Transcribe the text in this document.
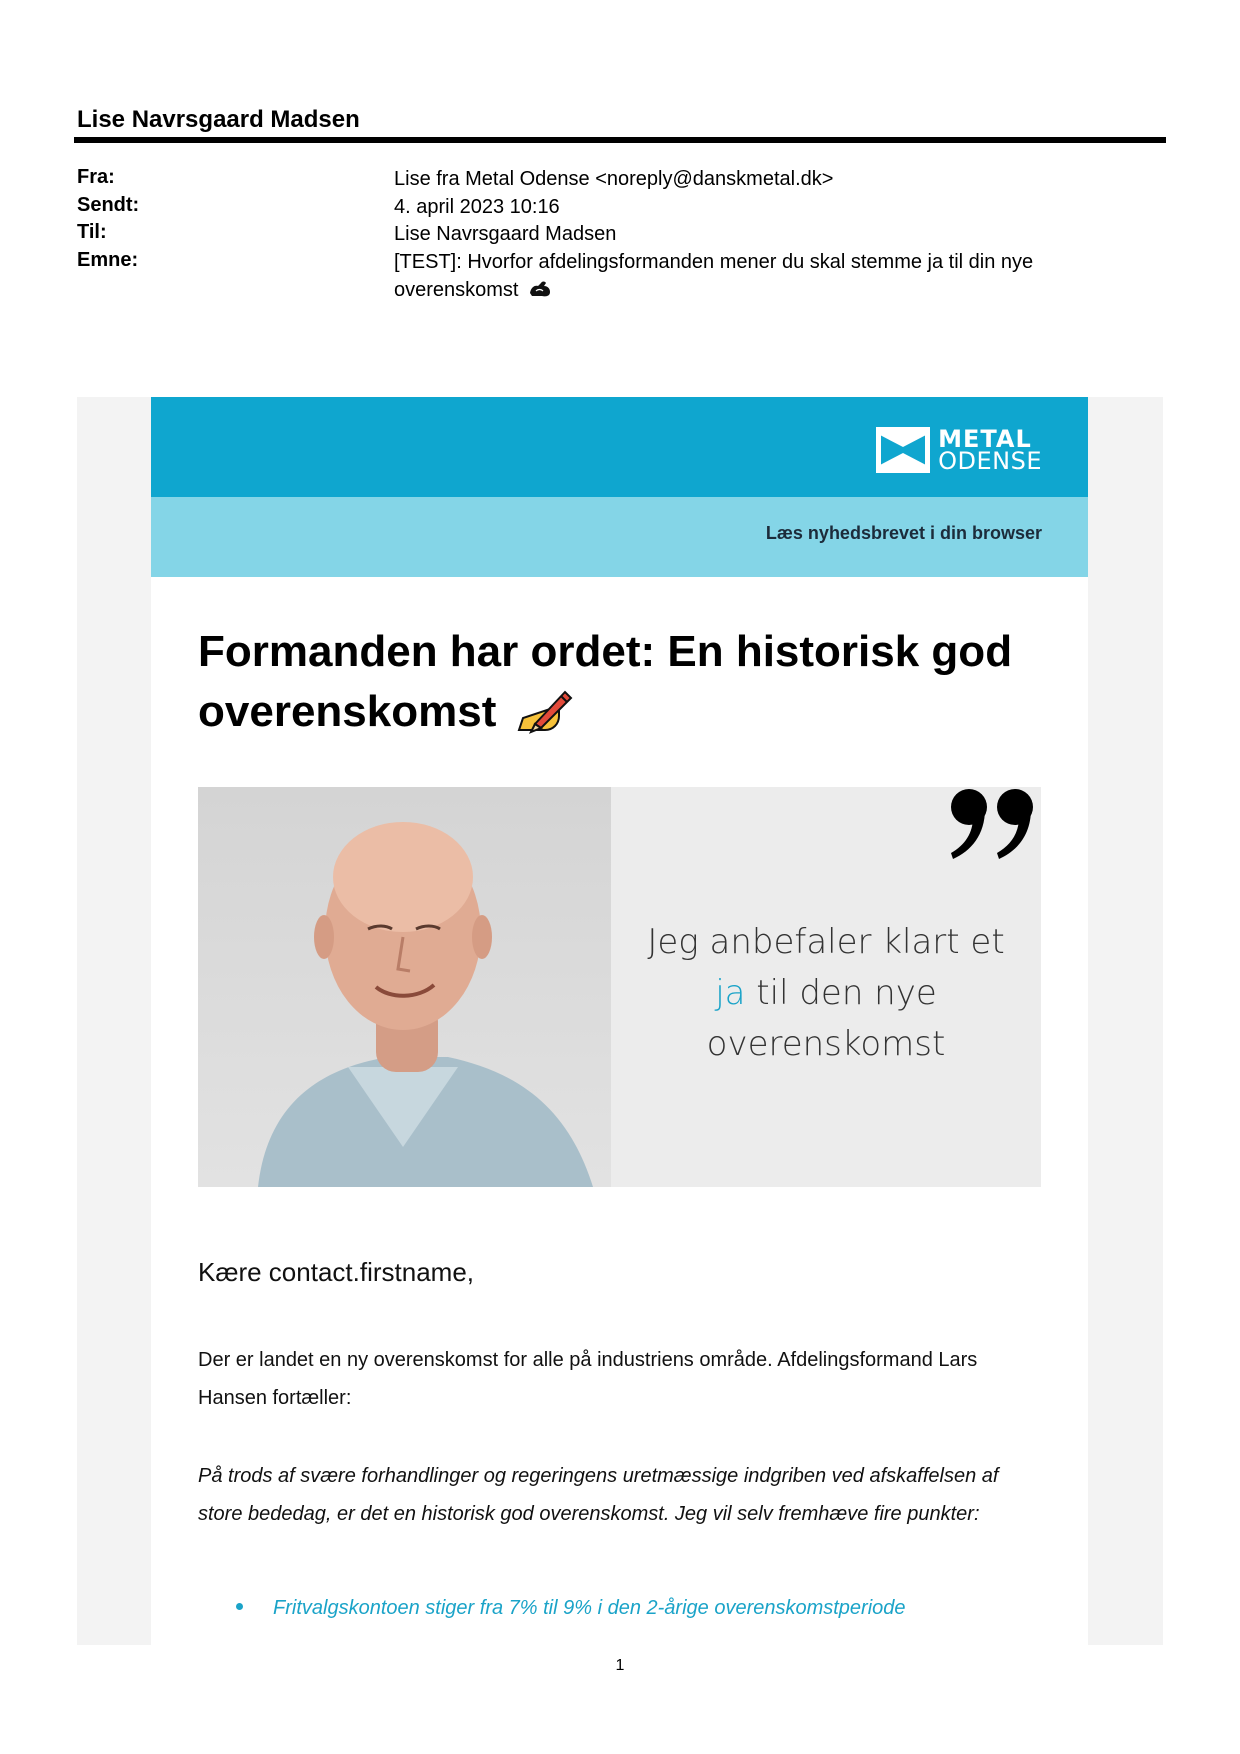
Lise Navrsgaard Madsen
Fra:	Lise fra Metal Odense <noreply@danskmetal.dk>
Sendt:	4. april 2023 10:16
Til:	Lise Navrsgaard Madsen
Emne:	[TEST]: Hvorfor afdelingsformanden mener du skal stemme ja til din nye overenskomst
METAL
ODENSE
Læs nyhedsbrevet i din browser
Formanden har ordet: En historisk god overenskomst
Jeg anbefaler klart et
ja til den nye overenskomst
Kære contact.firstname,
Der er landet en ny overenskomst for alle på industriens område. Afdelingsformand Lars Hansen fortæller:
På trods af svære forhandlinger og regeringens uretmæssige indgriben ved afskaffelsen af store bededag, er det en historisk god overenskomst. Jeg vil selv fremhæve fire punkter:
Fritvalgskontoen stiger fra 7% til 9% i den 2-årige overenskomstperiode
1
